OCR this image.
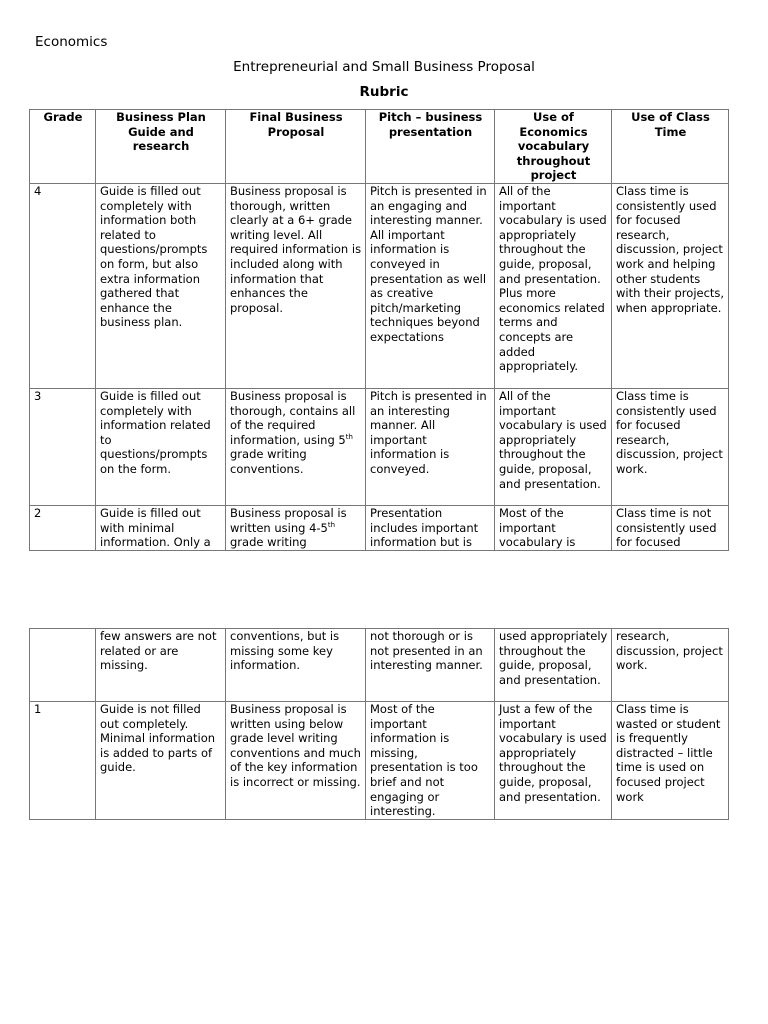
Economics
Entrepreneurial and Small Business Proposal
Rubric
Grade	Business Plan Guide and research	Final Business Proposal	Pitch – business presentation	Use of Economics vocabulary throughout project	Use of Class Time
4	Guide is filled out completely with information both related to questions/prompts on form, but also extra information gathered that enhance the business plan.	Business proposal is thorough, written clearly at a 6+ grade writing level. All required information is included along with information that enhances the proposal.	Pitch is presented in an engaging and interesting manner. All important information is conveyed in presentation as well as creative pitch/marketing techniques beyond expectations	All of the important vocabulary is used appropriately throughout the guide, proposal, and presentation. Plus more economics related terms and concepts are added appropriately.	Class time is consistently used for focused research, discussion, project work and helping other students with their projects, when appropriate.
3	Guide is filled out completely with information related to questions/prompts on the form.	Business proposal is thorough, contains all of the required information, using 5th grade writing conventions.	Pitch is presented in an interesting manner. All important information is conveyed.	All of the important vocabulary is used appropriately throughout the guide, proposal, and presentation.	Class time is consistently used for focused research, discussion, project work.
2	Guide is filled out with minimal information. Only a	Business proposal is written using 4-5th grade writing	Presentation includes important information but is	Most of the important vocabulary is	Class time is not consistently used for focused
	few answers are not related or are missing.	conventions, but is missing some key information.	not thorough or is not presented in an interesting manner.	used appropriately throughout the guide, proposal, and presentation.	research, discussion, project work.
1	Guide is not filled out completely. Minimal information is added to parts of guide.	Business proposal is written using below grade level writing conventions and much of the key information is incorrect or missing.	Most of the important information is missing, presentation is too brief and not engaging or interesting.	Just a few of the important vocabulary is used appropriately throughout the guide, proposal, and presentation.	Class time is wasted or student is frequently distracted – little time is used on focused project work
